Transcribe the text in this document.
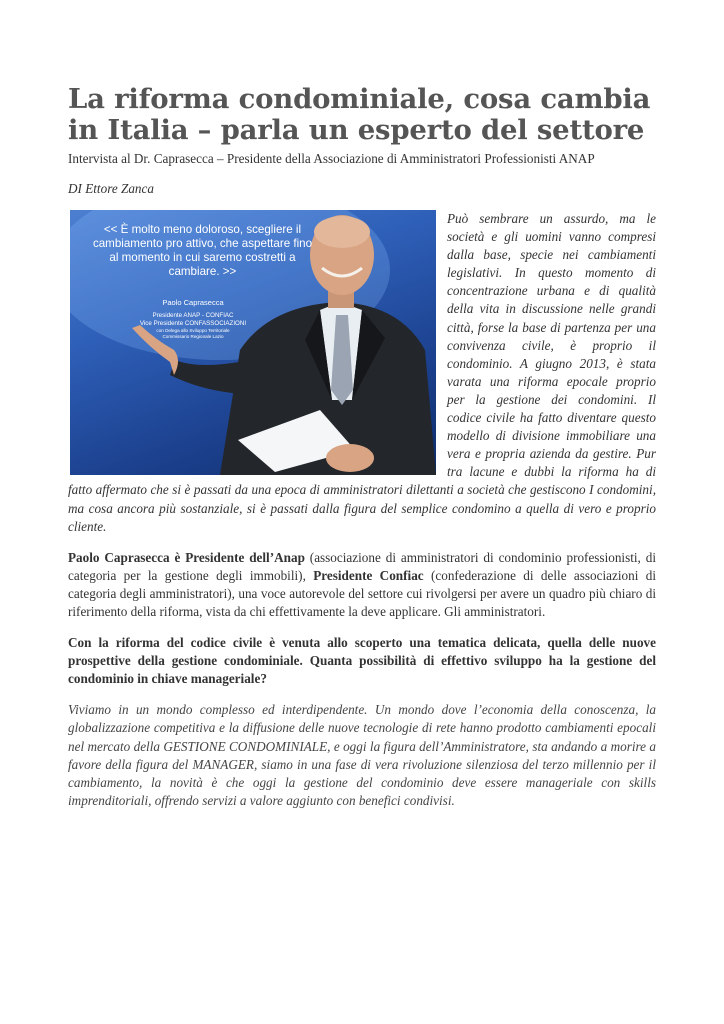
La riforma condominiale, cosa cambia in Italia – parla un esperto del settore

Intervista al Dr. Caprasecca – Presidente della Associazione di Amministratori Professionisti ANAP

DI Ettore Zanca

<< È molto meno doloroso, scegliere il cambiamento pro attivo, che aspettare fino al momento in cui saremo costretti a cambiare. >>
Paolo Caprasecca
Presidente ANAP - CONFIAC
Vice Presidente CONFASSOCIAZIONI
con Delega allo Sviluppo Territoriale
Commissario Regionale Lazio

Può sembrare un assurdo, ma le società e gli uomini vanno compresi dalla base, specie nei cambiamenti legislativi. In questo momento di concentrazione urbana e di qualità della vita in discussione nelle grandi città, forse la base di partenza per una convivenza civile, è proprio il condominio. A giugno 2013, è stata varata una riforma epocale proprio per la gestione dei condomini. Il codice civile ha fatto diventare questo modello di divisione immobiliare una vera e propria azienda da gestire. Pur tra lacune e dubbi la riforma ha di fatto affermato che si è passati da una epoca di amministratori dilettanti a società che gestiscono I condomini, ma cosa ancora più sostanziale, si è passati dalla figura del semplice condomino a quella di vero e proprio cliente.

Paolo Caprasecca è Presidente dell’Anap (associazione di amministratori di condominio professionisti, di categoria per la gestione degli immobili), Presidente Confiac (confederazione di delle associazioni di categoria degli amministratori), una voce autorevole del settore cui rivolgersi per avere un quadro più chiaro di riferimento della riforma, vista da chi effettivamente la deve applicare. Gli amministratori.

Con la riforma del codice civile è venuta allo scoperto una tematica delicata, quella delle nuove prospettive della gestione condominiale. Quanta possibilità di effettivo sviluppo ha la gestione del condominio in chiave manageriale?

Viviamo in un mondo complesso ed interdipendente. Un mondo dove l’economia della conoscenza, la globalizzazione competitiva e la diffusione delle nuove tecnologie di rete hanno prodotto cambiamenti epocali nel mercato della GESTIONE CONDOMINIALE, e oggi la figura dell’Amministratore, sta andando a morire a favore della figura del MANAGER, siamo in una fase di vera rivoluzione silenziosa del terzo millennio per il cambiamento, la novità è che oggi la gestione del condominio deve essere manageriale con skills imprenditoriali, offrendo servizi a valore aggiunto con benefici condivisi.
